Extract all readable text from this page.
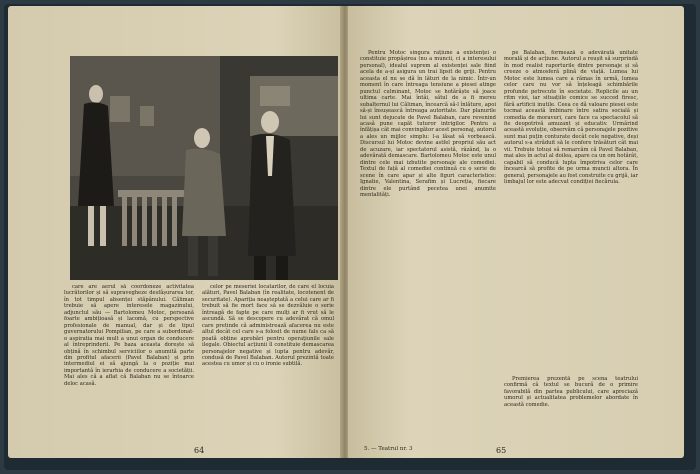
care are aerul să coordoneze activitatea lucrătorilor și să supravegheze desfășurarea lor, în tot timpul absenței stăpânului. Căliman trebuie să apere interesele magazinului, adjunctul său — Bartolomeu Motoc, persoană foarte ambițioasă și lacomă, cu perspective profesionale de manual, dar și de tipul guvernatorului Pompilian, pe care a subordonat-o aspiratia mai mult a unui organ de conducere al întreprinderii. Pe baza aceasta dorește să obțină în schimbul serviciilor o anumită parte din profitul afacerii (Pavel Balaban) și prin intermediul ei să ajungă la o poziție mai importantă în ierarhia de conducere a societății. Mai ales că a aflat că Balaban nu se întoarce deloc acasă.

celor pe meseriei locatarilor, de care el locuia alături, Pavel Balaban (în realitate, locotenent de securitate). Apariția neașteptată a celui care ar fi trebuit să fie mort face să se dezvăluie o serie întreagă de fapte pe care mulți ar fi vrut să le ascundă. Să se descopere cu adevărat că omul care pretinde că administrează afacerea nu este altul decât cel care s-a folosit de nume fals ca să poată obține aprobări pentru operațiunile sale ilegale. Obiectul acțiunii îl constituie demascarea personajelor negative și lupta pentru adevăr, condusă de Pavel Balaban. Autorul prezintă toate acestea cu umor și cu o ironie subtilă.

64

Pentru Motoc singura rațiune a existenței o constituie propășirea (nu a muncii, ci a interesului personal), idealul suprem al existenței sale fiind acela de a-și asigura un trai lipsit de griji. Pentru aceasta el nu se dă în lături de la nimic. Într-un moment în care întreaga tensiune a piesei atinge punctul culminant, Motoc se hotărăște să joace ultima carte. Mai întâi, sătul de a fi mereu subalternul lui Căliman, încearcă să-l înlăture, apoi să-și însușească întreaga autoritate. Dar planurile lui sunt dejucate de Pavel Balaban, care revenind acasă pune capăt tuturor intrigilor. Pentru a înfățișa cât mai convingător acest personaj, autorul a ales un mijloc simplu: l-a lăsat să vorbească. Discursul lui Motoc devine astfel propriul său act de acuzare, iar spectatorul asistă, râzând, la o adevărată demascare. Bartolomeu Motoc este unul dintre cele mai izbutite personaje ale comediei. Textul de față al comediei continuă cu o serie de scene în care apar și alte figuri caracteristice: Ignatie, Valentina, Serafim și Lucreția, fiecare dintre ele purtând pecetea unei anumite mentalități.

pe Balaban, formează o adevărată unitate morală și de acțiune. Autorul a reușit să surprindă în mod realist raporturile dintre personaje și să creeze o atmosferă plină de viață. Lumea lui Motoc este lumea care a rămas în urmă, lumea celor care nu vor să înțeleagă schimbările profunde petrecute în societate. Replicile au un ritm vioi, iar situațiile comice se succed firesc, fără artificii inutile. Ceea ce dă valoare piesei este tocmai această îmbinare între satira socială și comedia de moravuri, care face ca spectacolul să fie deopotrivă amuzant și educativ. Urmărind această evoluție, observăm că personajele pozitive sunt mai puțin conturate decât cele negative, deși autorul s-a străduit să le confere trăsături cât mai vii. Trebuie totuși să remarcăm că Pavel Balaban, mai ales în actul al doilea, apare ca un om hotărât, capabil să conducă lupta împotriva celor care încearcă să profite de pe urma muncii altora. În general, personajele au fost construite cu grijă, iar limbajul lor este adecvat condiției fiecăruia.

Premierea prezentă pe scena teatrului confirmă că textul se bucură de o primire favorabilă din partea publicului, care apreciază umorul și actualitatea problemelor abordate în această comedie.

5. — Teatrul nr. 3	65
